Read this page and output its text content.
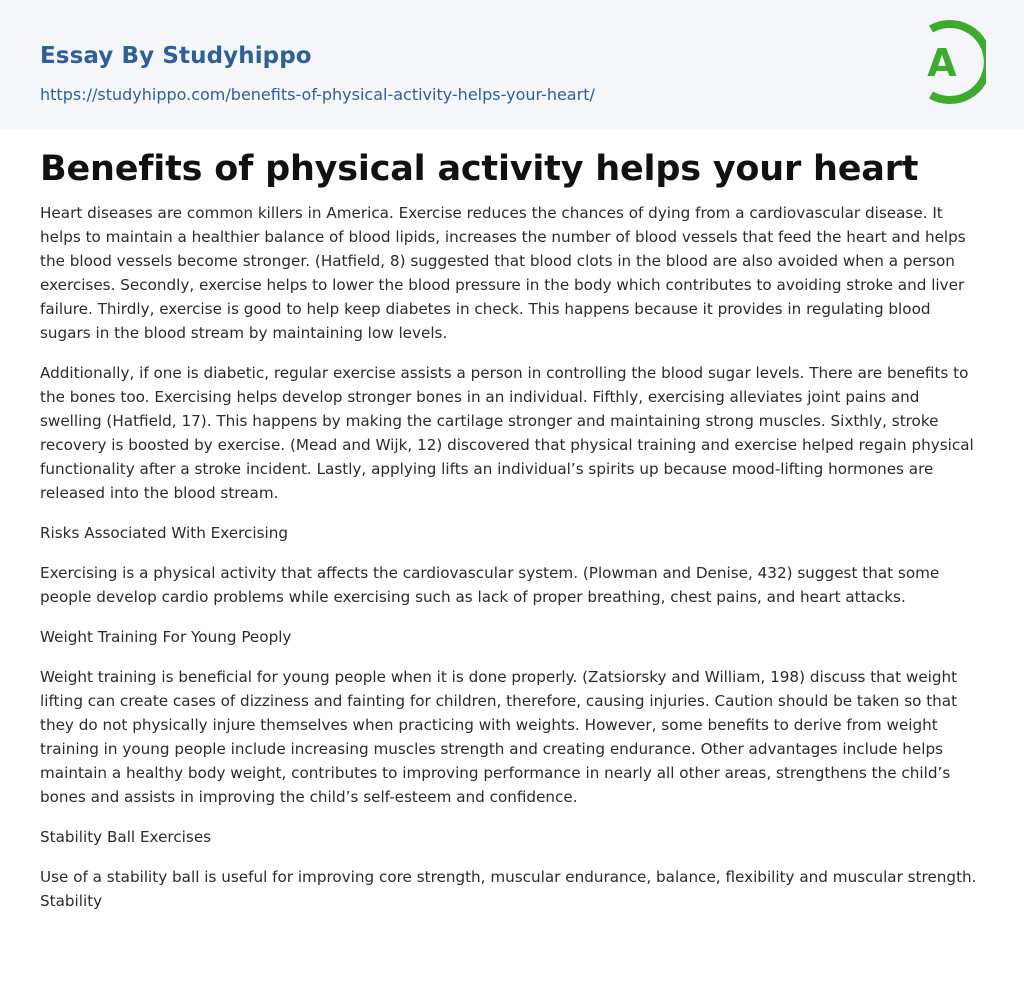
Essay By Studyhippo
https://studyhippo.com/benefits-of-physical-activity-helps-your-heart/
A
Benefits of physical activity helps your heart

Heart diseases are common killers in America. Exercise reduces the chances of dying from a cardiovascular disease. It helps to maintain a healthier balance of blood lipids, increases the number of blood vessels that feed the heart and helps the blood vessels become stronger. (Hatfield, 8) suggested that blood clots in the blood are also avoided when a person exercises. Secondly, exercise helps to lower the blood pressure in the body which contributes to avoiding stroke and liver failure. Thirdly, exercise is good to help keep diabetes in check. This happens because it provides in regulating blood sugars in the blood stream by maintaining low levels.

Additionally, if one is diabetic, regular exercise assists a person in controlling the blood sugar levels. There are benefits to the bones too. Exercising helps develop stronger bones in an individual. Fifthly, exercising alleviates joint pains and swelling (Hatfield, 17). This happens by making the cartilage stronger and maintaining strong muscles. Sixthly, stroke recovery is boosted by exercise. (Mead and Wijk, 12) discovered that physical training and exercise helped regain physical functionality after a stroke incident. Lastly, applying lifts an individual’s spirits up because mood-lifting hormones are released into the blood stream.

Risks Associated With Exercising

Exercising is a physical activity that affects the cardiovascular system. (Plowman and Denise, 432) suggest that some people develop cardio problems while exercising such as lack of proper breathing, chest pains, and heart attacks.

Weight Training For Young Peoply

Weight training is beneficial for young people when it is done properly. (Zatsiorsky and William, 198) discuss that weight lifting can create cases of dizziness and fainting for children, therefore, causing injuries. Caution should be taken so that they do not physically injure themselves when practicing with weights. However, some benefits to derive from weight training in young people include increasing muscles strength and creating endurance. Other advantages include helps maintain a healthy body weight, contributes to improving performance in nearly all other areas, strengthens the child’s bones and assists in improving the child’s self-esteem and confidence.

Stability Ball Exercises

Use of a stability ball is useful for improving core strength, muscular endurance, balance, flexibility and muscular strength. Stability
